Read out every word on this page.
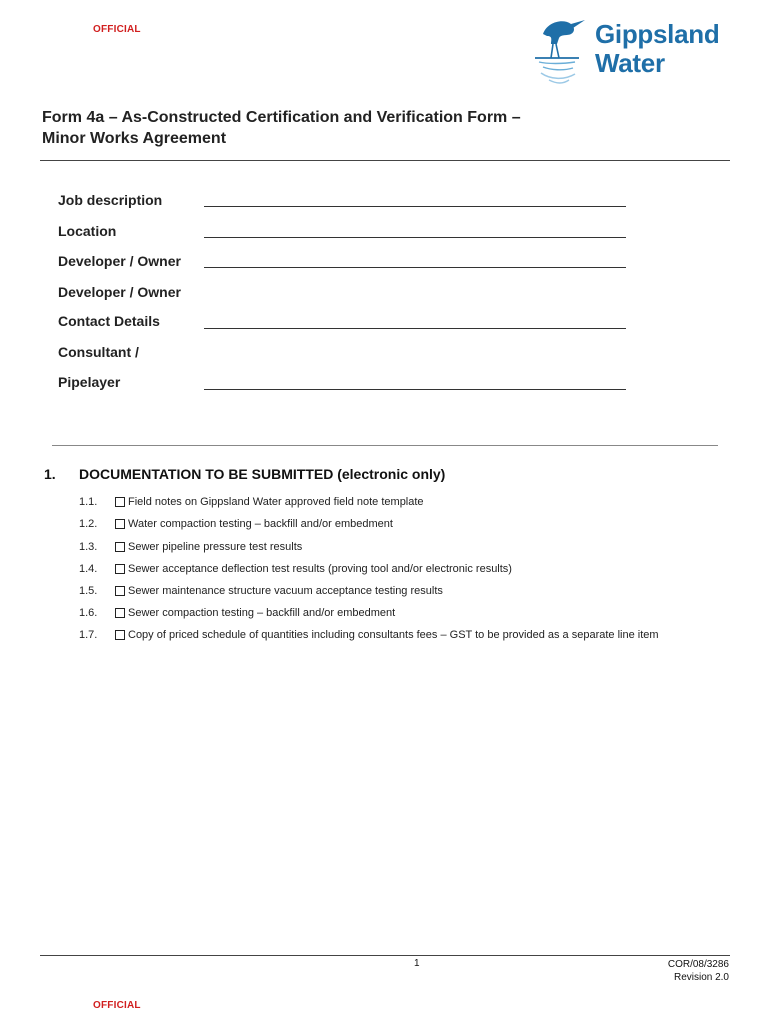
OFFICIAL	Gippsland
Water
Form 4a – As-Constructed Certification and Verification Form –
Minor Works Agreement
Job description
Location
Developer / Owner
Developer / Owner
Contact Details
Consultant /
Pipelayer
1. DOCUMENTATION TO BE SUBMITTED (electronic only)
1.1.	Field notes on Gippsland Water approved field note template
1.2.	Water compaction testing – backfill and/or embedment
1.3.	Sewer pipeline pressure test results
1.4.	Sewer acceptance deflection test results (proving tool and/or electronic results)
1.5.	Sewer maintenance structure vacuum acceptance testing results
1.6.	Sewer compaction testing – backfill and/or embedment
1.7.	Copy of priced schedule of quantities including consultants fees – GST to be provided as a separate line item
1	COR/08/3286
Revision 2.0
OFFICIAL
